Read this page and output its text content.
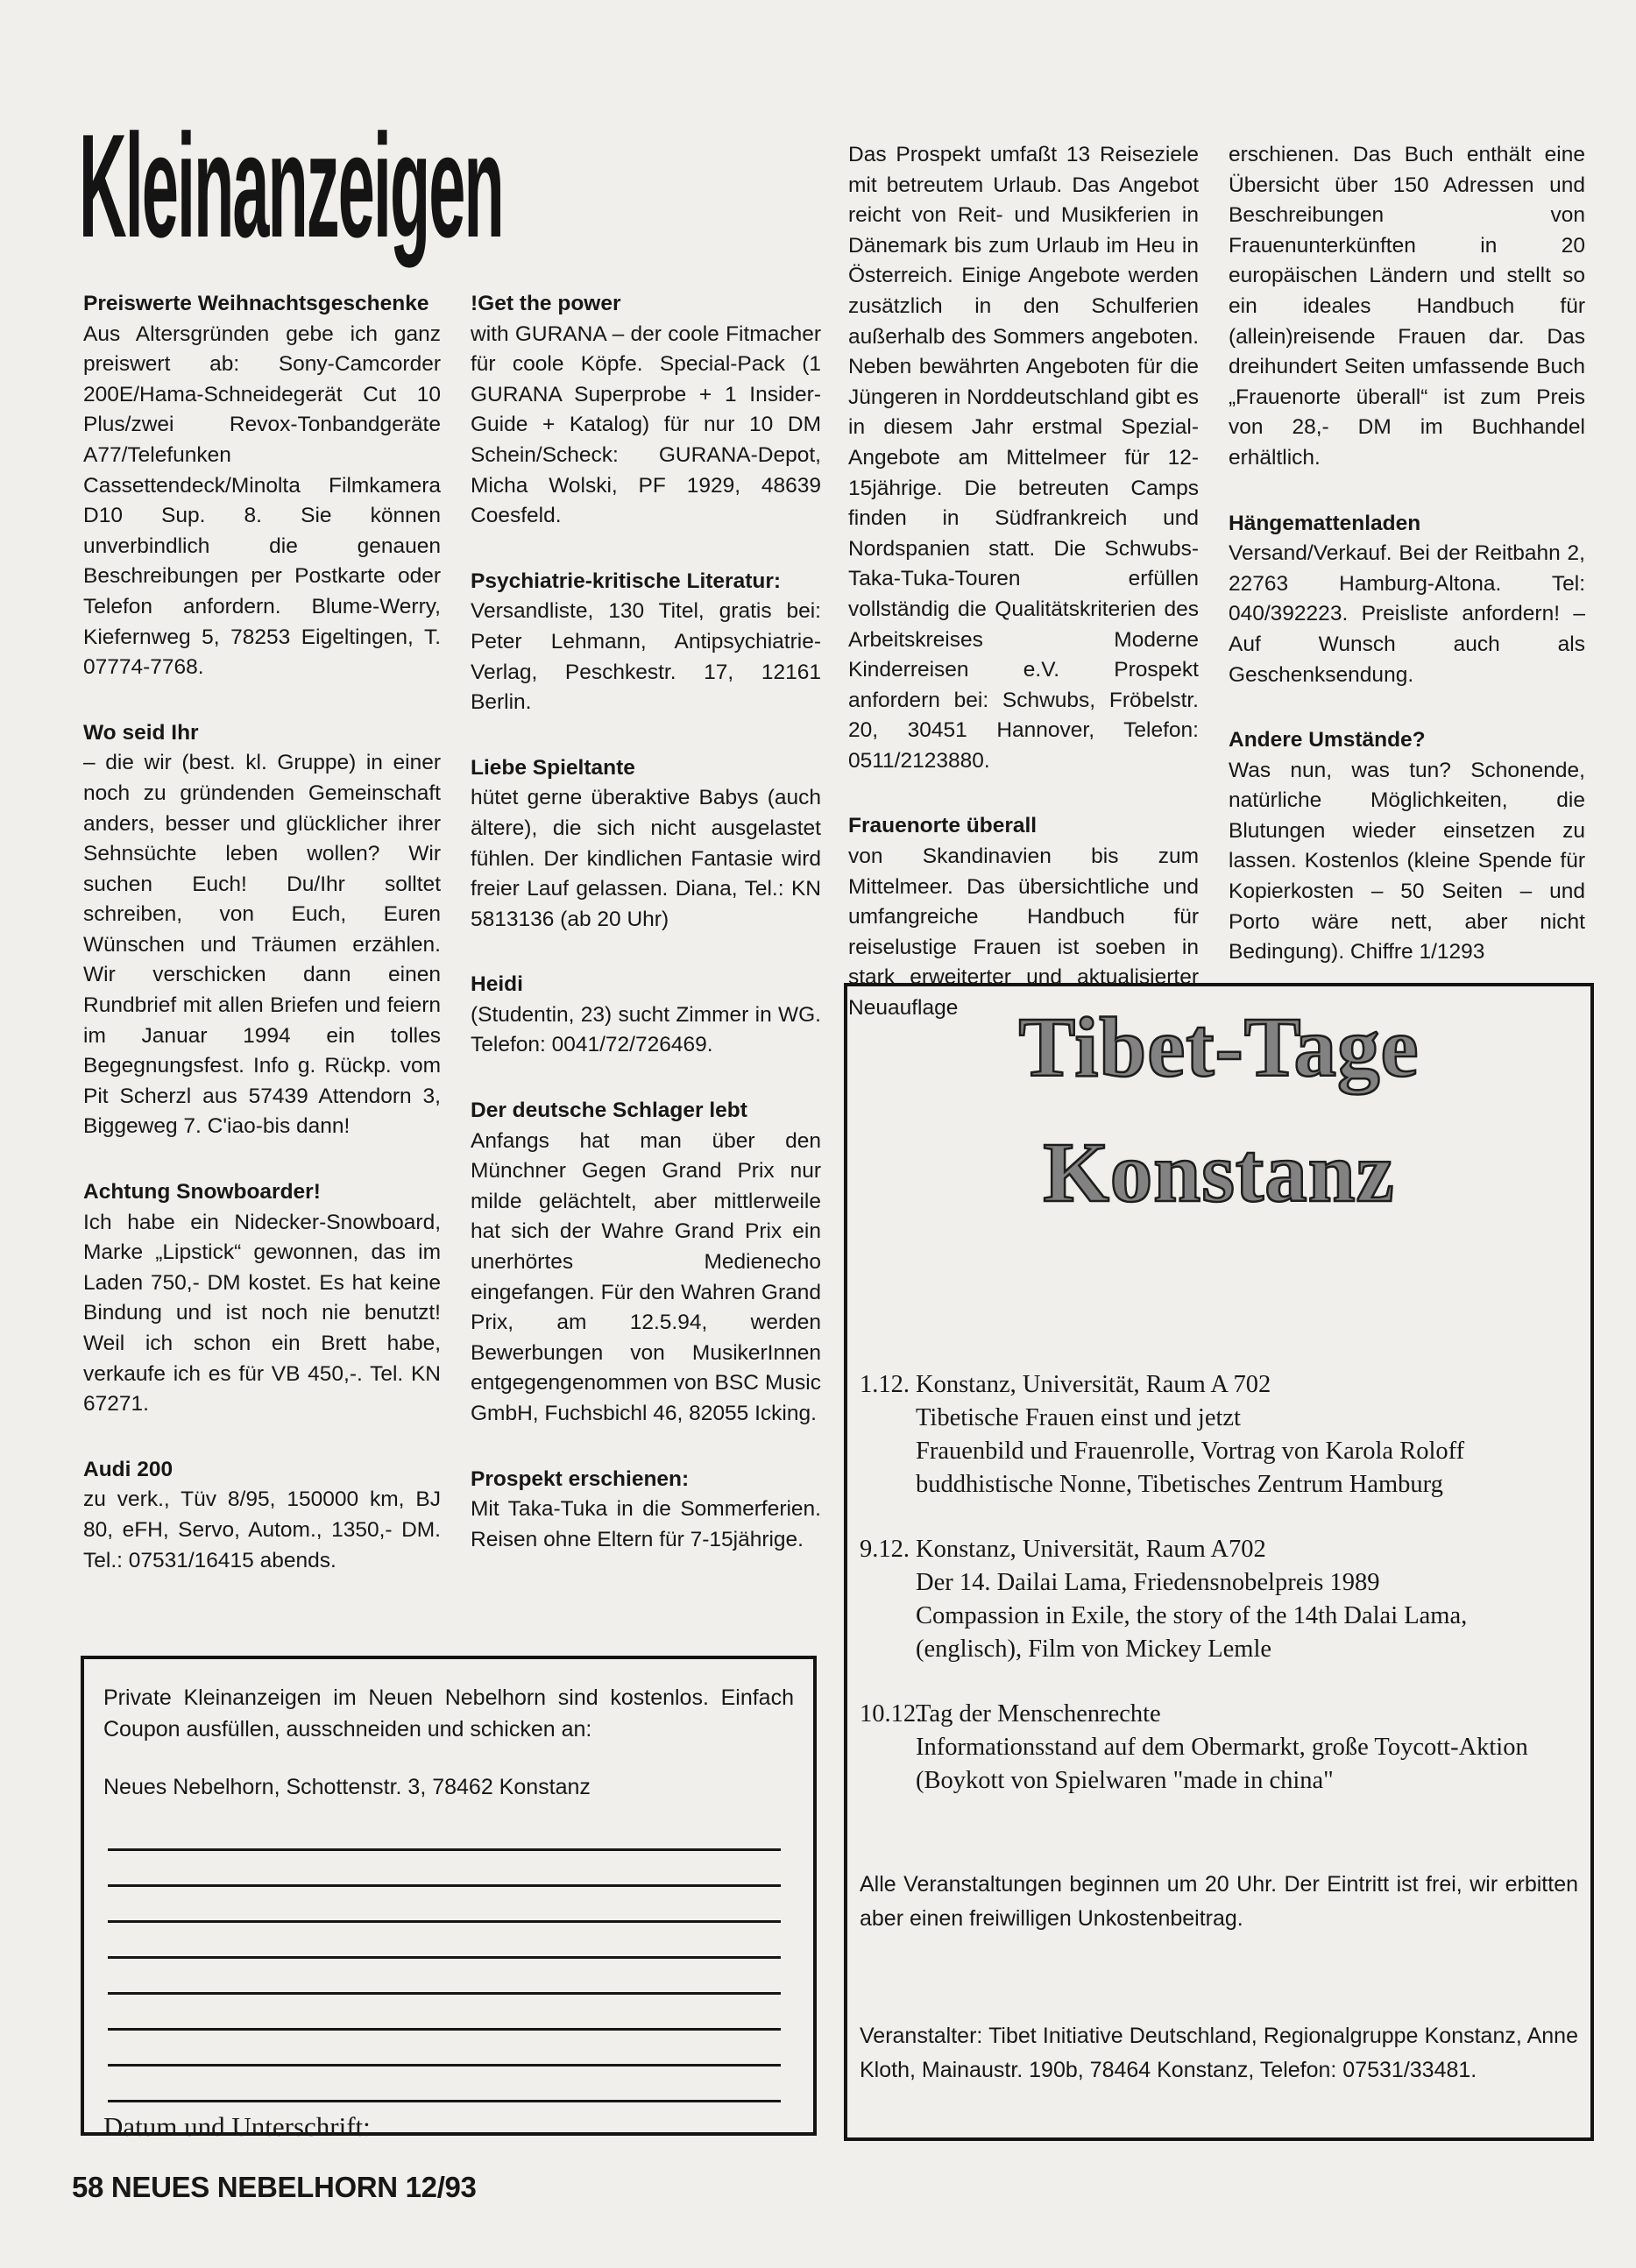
Kleinanzeigen
Preiswerte Weihnachtsgeschenke

Aus Altersgründen gebe ich ganz preiswert ab: Sony-Camcorder 200E/Hama-Schneidegerät Cut 10 Plus/zwei Revox-Tonbandgeräte A77/Telefunken Cassettendeck/Minolta Filmkamera D10 Sup. 8. Sie können unverbindlich die genauen Beschreibungen per Postkarte oder Telefon anfordern. Blume-Werry, Kiefernweg 5, 78253 Eigeltingen, T. 07774-7768.

Wo seid Ihr

– die wir (best. kl. Gruppe) in einer noch zu gründenden Gemeinschaft anders, besser und glücklicher ihrer Sehnsüchte leben wollen? Wir suchen Euch! Du/Ihr solltet schreiben, von Euch, Euren Wünschen und Träumen erzählen. Wir verschicken dann einen Rundbrief mit allen Briefen und feiern im Januar 1994 ein tolles Begegnungsfest. Info g. Rückp. vom Pit Scherzl aus 57439 Attendorn 3, Biggeweg 7. C'iao-bis dann!

Achtung Snowboarder!

Ich habe ein Nidecker-Snowboard, Marke „Lipstick“ gewonnen, das im Laden 750,- DM kostet. Es hat keine Bindung und ist noch nie benutzt! Weil ich schon ein Brett habe, verkaufe ich es für VB 450,-. Tel. KN 67271.

Audi 200

zu verk., Tüv 8/95, 150000 km, BJ 80, eFH, Servo, Autom., 1350,- DM. Tel.: 07531/16415 abends.

!Get the power

with GURANA – der coole Fitmacher für coole Köpfe. Special-Pack (1 GURANA Superprobe + 1 Insider-Guide + Katalog) für nur 10 DM Schein/Scheck: GURANA-Depot, Micha Wolski, PF 1929, 48639 Coesfeld.

Psychiatrie-kritische Literatur:

Versandliste, 130 Titel, gratis bei: Peter Lehmann, Antipsychiatrie-Verlag, Peschkestr. 17, 12161 Berlin.

Liebe Spieltante

hütet gerne überaktive Babys (auch ältere), die sich nicht ausgelastet fühlen. Der kindlichen Fantasie wird freier Lauf gelassen. Diana, Tel.: KN 5813136 (ab 20 Uhr)

Heidi

(Studentin, 23) sucht Zimmer in WG. Telefon: 0041/72/726469.

Der deutsche Schlager lebt

Anfangs hat man über den Münchner Gegen Grand Prix nur milde gelächtelt, aber mittlerweile hat sich der Wahre Grand Prix ein unerhörtes Medienecho eingefangen. Für den Wahren Grand Prix, am 12.5.94, werden Bewerbungen von MusikerInnen entgegengenommen von BSC Music GmbH, Fuchsbichl 46, 82055 Icking.

Prospekt erschienen:

Mit Taka-Tuka in die Sommerferien. Reisen ohne Eltern für 7-15jährige.

Das Prospekt umfaßt 13 Reiseziele mit betreutem Urlaub. Das Angebot reicht von Reit- und Musikferien in Dänemark bis zum Urlaub im Heu in Österreich. Einige Angebote werden zusätzlich in den Schulferien außerhalb des Sommers angeboten. Neben bewährten Angeboten für die Jüngeren in Norddeutschland gibt es in diesem Jahr erstmal Spezial-Angebote am Mittelmeer für 12-15jährige. Die betreuten Camps finden in Südfrankreich und Nordspanien statt. Die Schwubs-Taka-Tuka-Touren erfüllen vollständig die Qualitätskriterien des Arbeitskreises Moderne Kinderreisen e.V. Prospekt anfordern bei: Schwubs, Fröbelstr. 20, 30451 Hannover, Telefon: 0511/2123880.

Frauenorte überall

von Skandinavien bis zum Mittelmeer. Das übersichtliche und umfangreiche Handbuch für reiselustige Frauen ist soeben in stark erweiterter und aktualisierter Neuauflage

erschienen. Das Buch enthält eine Übersicht über 150 Adressen und Beschreibungen von Frauenunterkünften in 20 europäischen Ländern und stellt so ein ideales Handbuch für (allein)reisende Frauen dar. Das dreihundert Seiten umfassende Buch „Frauenorte überall“ ist zum Preis von 28,- DM im Buchhandel erhältlich.

Hängemattenladen

Versand/Verkauf. Bei der Reitbahn 2, 22763 Hamburg-Altona. Tel: 040/392223. Preisliste anfordern! – Auf Wunsch auch als Geschenksendung.

Andere Umstände?

Was nun, was tun? Schonende, natürliche Möglichkeiten, die Blutungen wieder einsetzen zu lassen. Kostenlos (kleine Spende für Kopierkosten – 50 Seiten – und Porto wäre nett, aber nicht Bedingung). Chiffre 1/1293

Private Kleinanzeigen im Neuen Nebelhorn sind kostenlos. Einfach Coupon ausfüllen, ausschneiden und schicken an:

Neues Nebelhorn, Schottenstr. 3, 78462 Konstanz

Datum und Unterschrift:

Tibet-Tage
Konstanz
1.12. Konstanz, Universität, Raum A 702
Tibetische Frauen einst und jetzt
Frauenbild und Frauenrolle, Vortrag von Karola Roloff
buddhistische Nonne, Tibetisches Zentrum Hamburg
9.12. Konstanz, Universität, Raum A702
Der 14. Dailai Lama, Friedensnobelpreis 1989
Compassion in Exile, the story of the 14th Dalai Lama,
(englisch), Film von Mickey Lemle
10.12.
Tag der Menschenrechte
Informationsstand auf dem Obermarkt, große Toycott-Aktion
(Boykott von Spielwaren "made in china"

Alle Veranstaltungen beginnen um 20 Uhr. Der Eintritt ist frei, wir erbitten aber einen freiwilligen Unkostenbeitrag.

Veranstalter: Tibet Initiative Deutschland, Regionalgruppe Konstanz, Anne Kloth, Mainaustr. 190b, 78464 Konstanz, Telefon: 07531/33481.

58 NEUES NEBELHORN 12/93
